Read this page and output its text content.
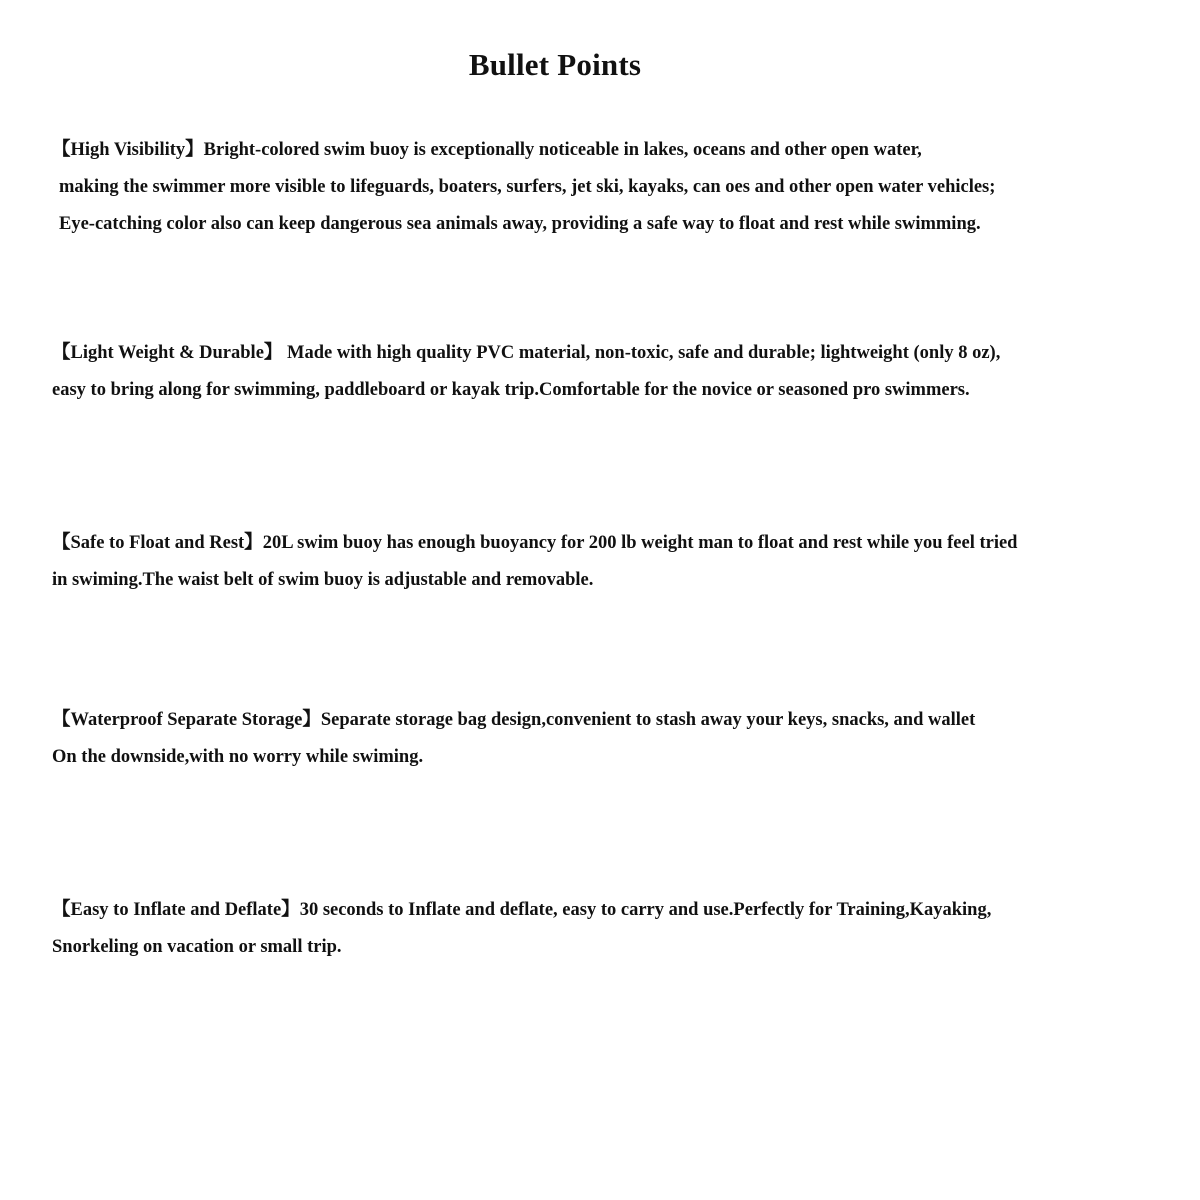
Bullet Points
【High Visibility】Bright-colored swim buoy is exceptionally noticeable in lakes, oceans and other open water,
making the swimmer more visible to lifeguards, boaters, surfers, jet ski, kayaks, can oes and other open water vehicles;
Eye-catching color also can keep dangerous sea animals away, providing a safe way to float and rest while swimming.
【Light Weight & Durable】 Made with high quality PVC material, non-toxic, safe and durable; lightweight (only 8 oz),
easy to bring along for swimming, paddleboard or kayak trip.Comfortable for the novice or seasoned pro swimmers.
【Safe to Float and Rest】20L swim buoy has enough buoyancy for 200 lb weight man to float and rest while you feel tried
in swiming.The waist belt of swim buoy is adjustable and removable.
【Waterproof Separate Storage】Separate storage bag design,convenient to stash away your keys, snacks, and wallet
On the downside,with no worry while swiming.
【Easy to Inflate and Deflate】30 seconds to Inflate and deflate, easy to carry and use.Perfectly for Training,Kayaking,
Snorkeling on vacation or small trip.
